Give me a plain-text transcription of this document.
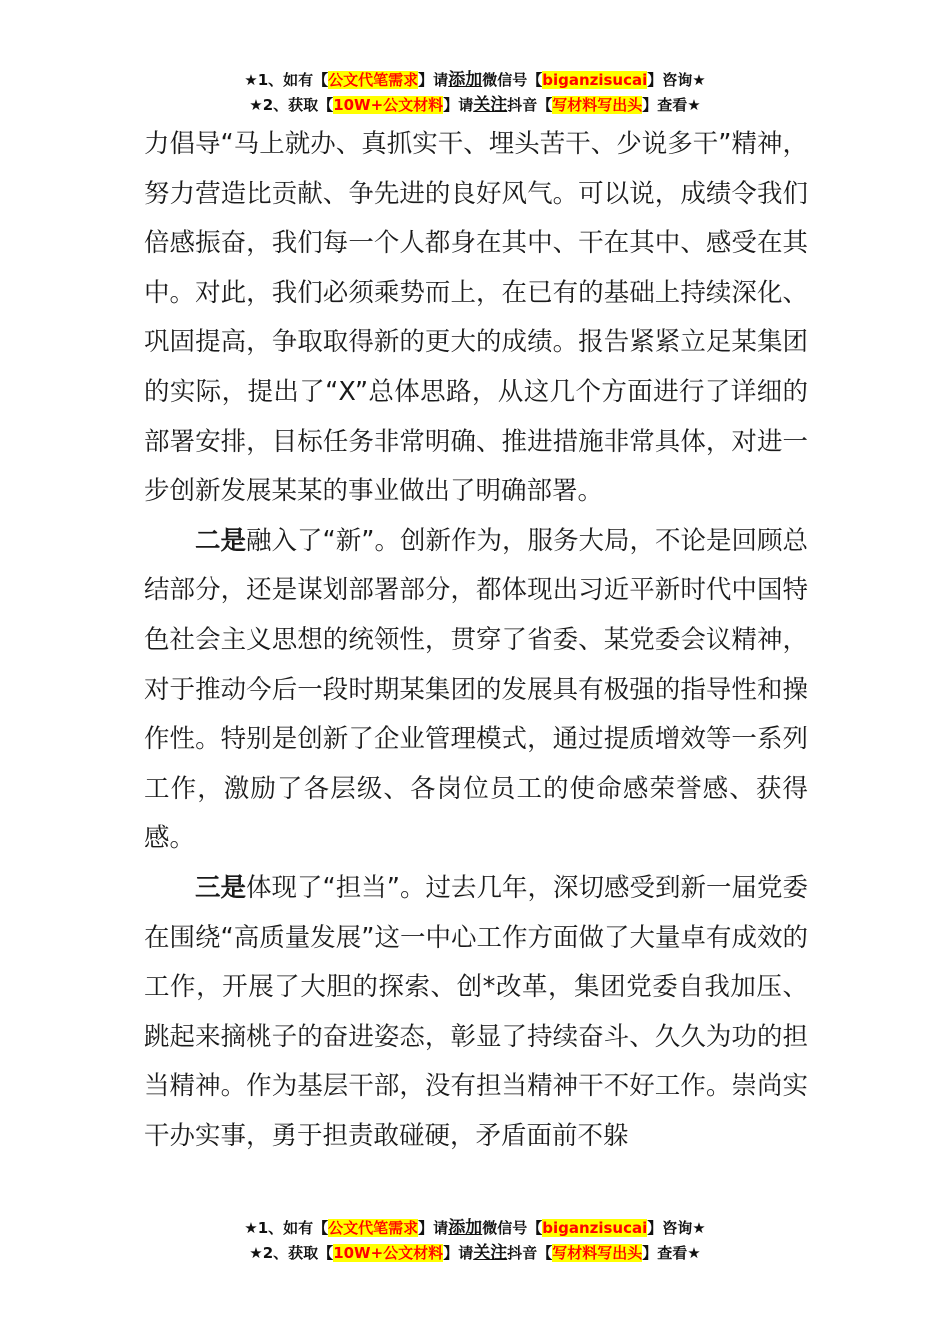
★1、如有【公文代笔需求】请添加微信号【biganzisucai】咨询★
★2、获取【10W+公文材料】请关注抖音【写材料写出头】查看★

力倡导“马上就办、真抓实干、埋头苦干、少说多干”精神，努力营造比贡献、争先进的良好风气。可以说，成绩令我们倍感振奋，我们每一个人都身在其中、干在其中、感受在其中。对此，我们必须乘势而上，在已有的基础上持续深化、巩固提高，争取取得新的更大的成绩。报告紧紧立足某集团的实际，提出了“X”总体思路，从这几个方面进行了详细的部署安排，目标任务非常明确、推进措施非常具体，对进一步创新发展某某的事业做出了明确部署。

二是融入了“新”。创新作为，服务大局，不论是回顾总结部分，还是谋划部署部分，都体现出习近平新时代中国特色社会主义思想的统领性，贯穿了省委、某党委会议精神，对于推动今后一段时期某集团的发展具有极强的指导性和操作性。特别是创新了企业管理模式，通过提质增效等一系列工作，激励了各层级、各岗位员工的使命感荣誉感、获得感。

三是体现了“担当”。过去几年，深切感受到新一届党委在围绕“高质量发展”这一中心工作方面做了大量卓有成效的工作，开展了大胆的探索、创*改革，集团党委自我加压、跳起来摘桃子的奋进姿态，彰显了持续奋斗、久久为功的担当精神。作为基层干部，没有担当精神干不好工作。崇尚实干办实事，勇于担责敢碰硬，矛盾面前不躲

★1、如有【公文代笔需求】请添加微信号【biganzisucai】咨询★
★2、获取【10W+公文材料】请关注抖音【写材料写出头】查看★
